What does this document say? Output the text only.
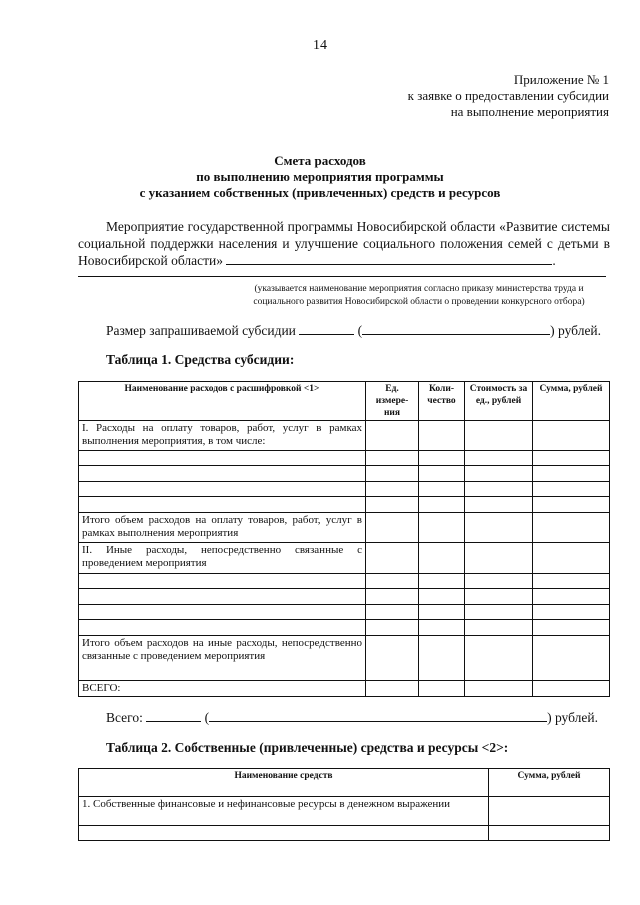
14
Приложение № 1
к заявке о предоставлении субсидии
на выполнение мероприятия
Смета расходов
по выполнению мероприятия программы
с указанием собственных (привлеченных) средств и ресурсов
Мероприятие государственной программы Новосибирской области «Развитие системы социальной поддержки населения и улучшение социального положения семей с детьми в Новосибирской области»	.
(указывается наименование мероприятия согласно приказу министерства труда и
социального развития Новосибирской области о проведении конкурсного отбора)
Размер запрашиваемой субсидии	(	) рублей.
Таблица 1. Средства субсидии:
Наименование расходов с расшифровкой <1>	Ед. измере-ния	Коли-чество	Стоимость за ед., рублей	Сумма, рублей
I. Расходы на оплату товаров, работ, услуг в рамках выполнения мероприятия, в том числе:				

Итого объем расходов на оплату товаров, работ, услуг в рамках выполнения мероприятия				
II. Иные расходы, непосредственно связанные с проведением мероприятия				

Итого объем расходов на иные расходы, непосредственно связанные с проведением мероприятия				
ВСЕГО:				
Всего:	(	) рублей.
Таблица 2. Собственные (привлеченные) средства и ресурсы <2>:
Наименование средств	Сумма, рублей
1. Собственные финансовые и нефинансовые ресурсы в денежном выражении	
